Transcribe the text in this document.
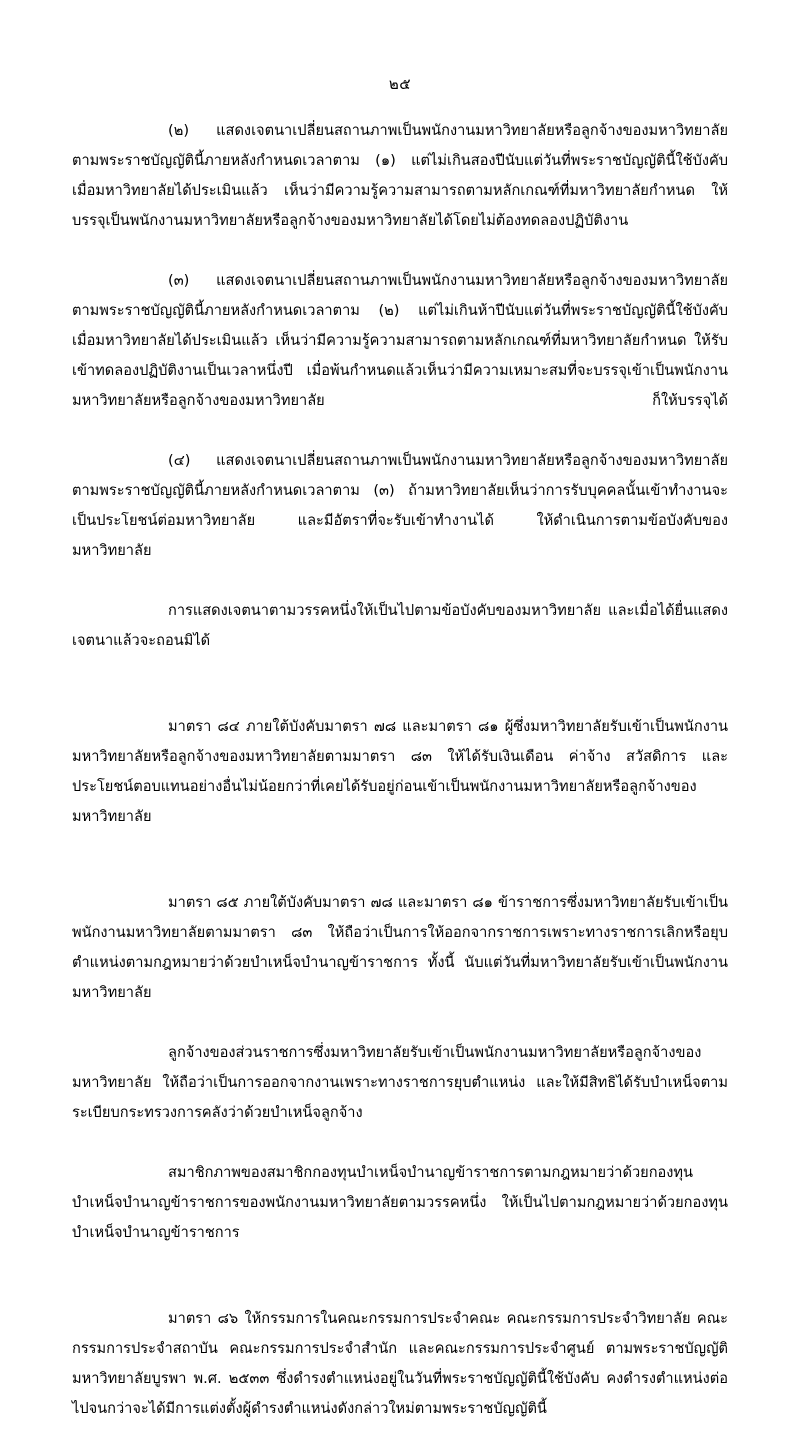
๒๕

(๒) แสดงเจตนาเปลี่ยนสถานภาพเป็นพนักงานมหาวิทยาลัยหรือลูกจ้างของมหาวิทยาลัยตามพระราชบัญญัตินี้ภายหลังกำหนดเวลาตาม (๑) แต่ไม่เกินสองปีนับแต่วันที่พระราชบัญญัตินี้ใช้บังคับ เมื่อมหาวิทยาลัยได้ประเมินแล้ว เห็นว่ามีความรู้ความสามารถตามหลักเกณฑ์ที่มหาวิทยาลัยกำหนด ให้บรรจุเป็นพนักงานมหาวิทยาลัยหรือลูกจ้างของมหาวิทยาลัยได้โดยไม่ต้องทดลองปฏิบัติงาน

(๓) แสดงเจตนาเปลี่ยนสถานภาพเป็นพนักงานมหาวิทยาลัยหรือลูกจ้างของมหาวิทยาลัยตามพระราชบัญญัตินี้ภายหลังกำหนดเวลาตาม (๒) แต่ไม่เกินห้าปีนับแต่วันที่พระราชบัญญัตินี้ใช้บังคับ เมื่อมหาวิทยาลัยได้ประเมินแล้ว เห็นว่ามีความรู้ความสามารถตามหลักเกณฑ์ที่มหาวิทยาลัยกำหนด ให้รับเข้าทดลองปฏิบัติงานเป็นเวลาหนึ่งปี เมื่อพ้นกำหนดแล้วเห็นว่ามีความเหมาะสมที่จะบรรจุเข้าเป็นพนักงานมหาวิทยาลัยหรือลูกจ้างของมหาวิทยาลัย ก็ให้บรรจุได้

(๔) แสดงเจตนาเปลี่ยนสถานภาพเป็นพนักงานมหาวิทยาลัยหรือลูกจ้างของมหาวิทยาลัยตามพระราชบัญญัตินี้ภายหลังกำหนดเวลาตาม (๓) ถ้ามหาวิทยาลัยเห็นว่าการรับบุคคลนั้นเข้าทำงานจะเป็นประโยชน์ต่อมหาวิทยาลัย และมีอัตราที่จะรับเข้าทำงานได้ ให้ดำเนินการตามข้อบังคับของมหาวิทยาลัย

การแสดงเจตนาตามวรรคหนึ่งให้เป็นไปตามข้อบังคับของมหาวิทยาลัย และเมื่อได้ยื่นแสดงเจตนาแล้วจะถอนมิได้

มาตรา ๘๔ ภายใต้บังคับมาตรา ๗๘ และมาตรา ๘๑ ผู้ซึ่งมหาวิทยาลัยรับเข้าเป็นพนักงานมหาวิทยาลัยหรือลูกจ้างของมหาวิทยาลัยตามมาตรา ๘๓ ให้ได้รับเงินเดือน ค่าจ้าง สวัสดิการ และประโยชน์ตอบแทนอย่างอื่นไม่น้อยกว่าที่เคยได้รับอยู่ก่อนเข้าเป็นพนักงานมหาวิทยาลัยหรือลูกจ้างของมหาวิทยาลัย

มาตรา ๘๕ ภายใต้บังคับมาตรา ๗๘ และมาตรา ๘๑ ข้าราชการซึ่งมหาวิทยาลัยรับเข้าเป็นพนักงานมหาวิทยาลัยตามมาตรา ๘๓ ให้ถือว่าเป็นการให้ออกจากราชการเพราะทางราชการเลิกหรือยุบตำแหน่งตามกฎหมายว่าด้วยบำเหน็จบำนาญข้าราชการ ทั้งนี้ นับแต่วันที่มหาวิทยาลัยรับเข้าเป็นพนักงานมหาวิทยาลัย

ลูกจ้างของส่วนราชการซึ่งมหาวิทยาลัยรับเข้าเป็นพนักงานมหาวิทยาลัยหรือลูกจ้างของมหาวิทยาลัย ให้ถือว่าเป็นการออกจากงานเพราะทางราชการยุบตำแหน่ง และให้มีสิทธิได้รับบำเหน็จตามระเบียบกระทรวงการคลังว่าด้วยบำเหน็จลูกจ้าง

สมาชิกภาพของสมาชิกกองทุนบำเหน็จบำนาญข้าราชการตามกฎหมายว่าด้วยกองทุนบำเหน็จบำนาญข้าราชการของพนักงานมหาวิทยาลัยตามวรรคหนึ่ง ให้เป็นไปตามกฎหมายว่าด้วยกองทุนบำเหน็จบำนาญข้าราชการ

มาตรา ๘๖ ให้กรรมการในคณะกรรมการประจำคณะ คณะกรรมการประจำวิทยาลัย คณะกรรมการประจำสถาบัน คณะกรรมการประจำสำนัก และคณะกรรมการประจำศูนย์ ตามพระราชบัญญัติมหาวิทยาลัยบูรพา พ.ศ. ๒๕๓๓ ซึ่งดำรงตำแหน่งอยู่ในวันที่พระราชบัญญัตินี้ใช้บังคับ คงดำรงตำแหน่งต่อไปจนกว่าจะได้มีการแต่งตั้งผู้ดำรงตำแหน่งดังกล่าวใหม่ตามพระราชบัญญัตินี้
